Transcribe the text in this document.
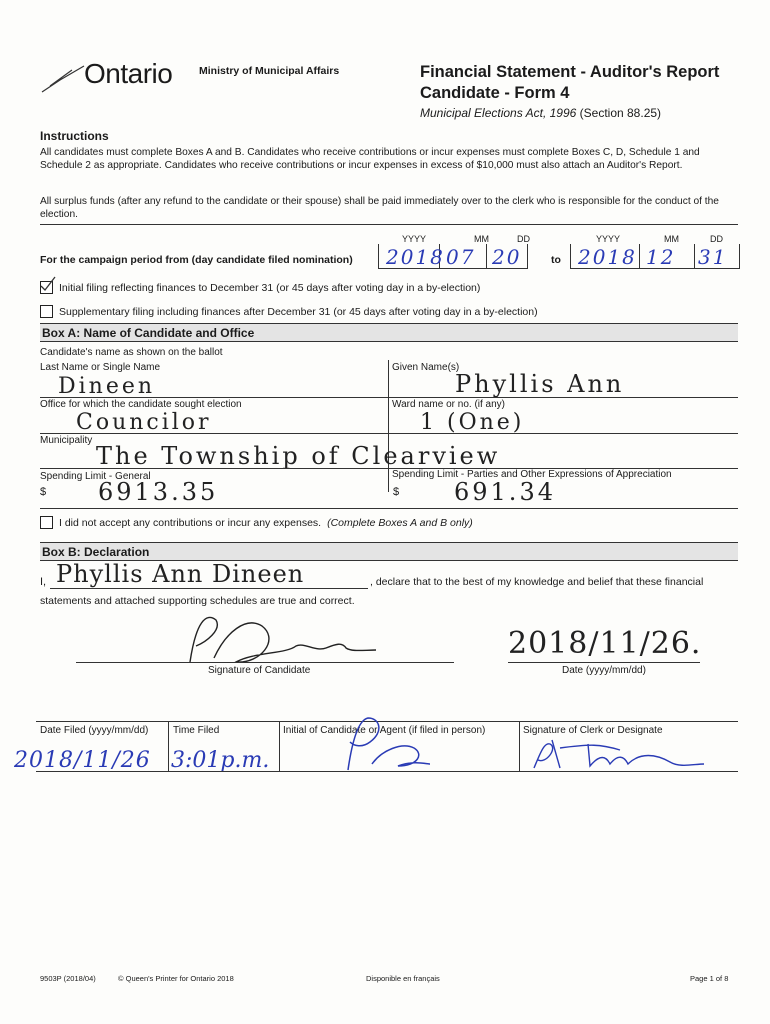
Ontario	Ministry of Municipal Affairs	Financial Statement - Auditor's Report
Candidate - Form 4
Municipal Elections Act, 1996 (Section 88.25)
Instructions
All candidates must complete Boxes A and B. Candidates who receive contributions or incur expenses must complete Boxes C, D, Schedule 1 and Schedule 2 as appropriate. Candidates who receive contributions or incur expenses in excess of $10,000 must also attach an Auditor's Report.
All surplus funds (after any refund to the candidate or their spouse) shall be paid immediately over to the clerk who is responsible for the conduct of the election.
YYYY	MM	DD	YYYY	MM	DD
For the campaign period from (day candidate filed nomination) 2018 07 20	to 2018 12 31
Initial filing reflecting finances to December 31 (or 45 days after voting day in a by-election)
Supplementary filing including finances after December 31 (or 45 days after voting day in a by-election)
Box A: Name of Candidate and Office
Candidate's name as shown on the ballot
Last Name or Single Name	Given Name(s)
Dineen	Phyllis Ann
Office for which the candidate sought election	Ward name or no. (if any)
Councilor	1 (One)
Municipality
The Township of Clearview
Spending Limit - General	Spending Limit - Parties and Other Expressions of Appreciation
$ 6913.35	$ 691.34
I did not accept any contributions or incur any expenses. (Complete Boxes A and B only)
Box B: Declaration
I, Phyllis Ann Dineen	, declare that to the best of my knowledge and belief that these financial
statements and attached supporting schedules are true and correct.
Signature of Candidate
2018/11/26.
Date (yyyy/mm/dd)
Date Filed (yyyy/mm/dd) Time Filed	Initial of Candidate or Agent (if filed in person)	Signature of Clerk or Designate
2018/11/26 3:01p.m.
9503P (2018/04)	© Queen's Printer for Ontario 2018	Disponible en français	Page 1 of 8
